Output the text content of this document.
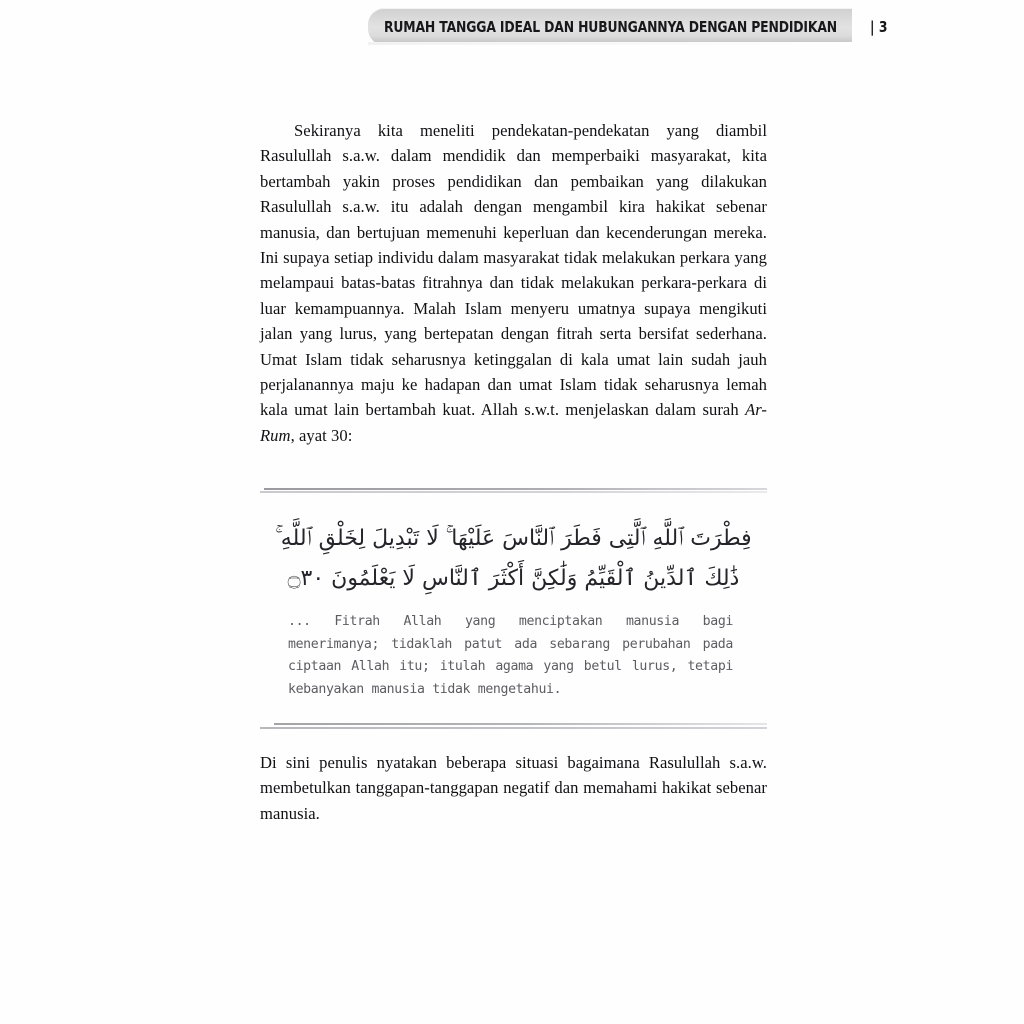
RUMAH TANGGA IDEAL DAN HUBUNGANNYA DENGAN PENDIDIKAN	| 3

Sekiranya kita meneliti pendekatan-pendekatan yang diambil Rasulullah s.a.w. dalam mendidik dan memperbaiki masyarakat, kita bertambah yakin proses pendidikan dan pembaikan yang dilakukan Rasulullah s.a.w. itu adalah dengan mengambil kira hakikat sebenar manusia, dan bertujuan memenuhi keperluan dan kecenderungan mereka. Ini supaya setiap individu dalam masyarakat tidak melakukan perkara yang melampaui batas-batas fitrahnya dan tidak melakukan perkara-perkara di luar kemampuannya. Malah Islam menyeru umatnya supaya mengikuti jalan yang lurus, yang bertepatan dengan fitrah serta bersifat sederhana. Umat Islam tidak seharusnya ketinggalan di kala umat lain sudah jauh perjalanannya maju ke hadapan dan umat Islam tidak seharusnya lemah kala umat lain bertambah kuat. Allah s.w.t. menjelaskan dalam surah Ar-Rum, ayat 30:

فِطْرَتَ ٱللَّهِ ٱلَّتِى فَطَرَ ٱلنَّاسَ عَلَيْهَا ۚ لَا تَبْدِيلَ لِخَلْقِ ٱللَّهِ ۚ
ذَٰلِكَ ٱلدِّينُ ٱلْقَيِّمُ وَلَٰكِنَّ أَكْثَرَ ٱلنَّاسِ لَا يَعْلَمُونَ ۝٣٠

... Fitrah Allah yang menciptakan manusia bagi menerimanya; tidaklah patut ada sebarang perubahan pada ciptaan Allah itu; itulah agama yang betul lurus, tetapi kebanyakan manusia tidak mengetahui.

Di sini penulis nyatakan beberapa situasi bagaimana Rasulullah s.a.w. membetulkan tanggapan-tanggapan negatif dan memahami hakikat sebenar manusia.
